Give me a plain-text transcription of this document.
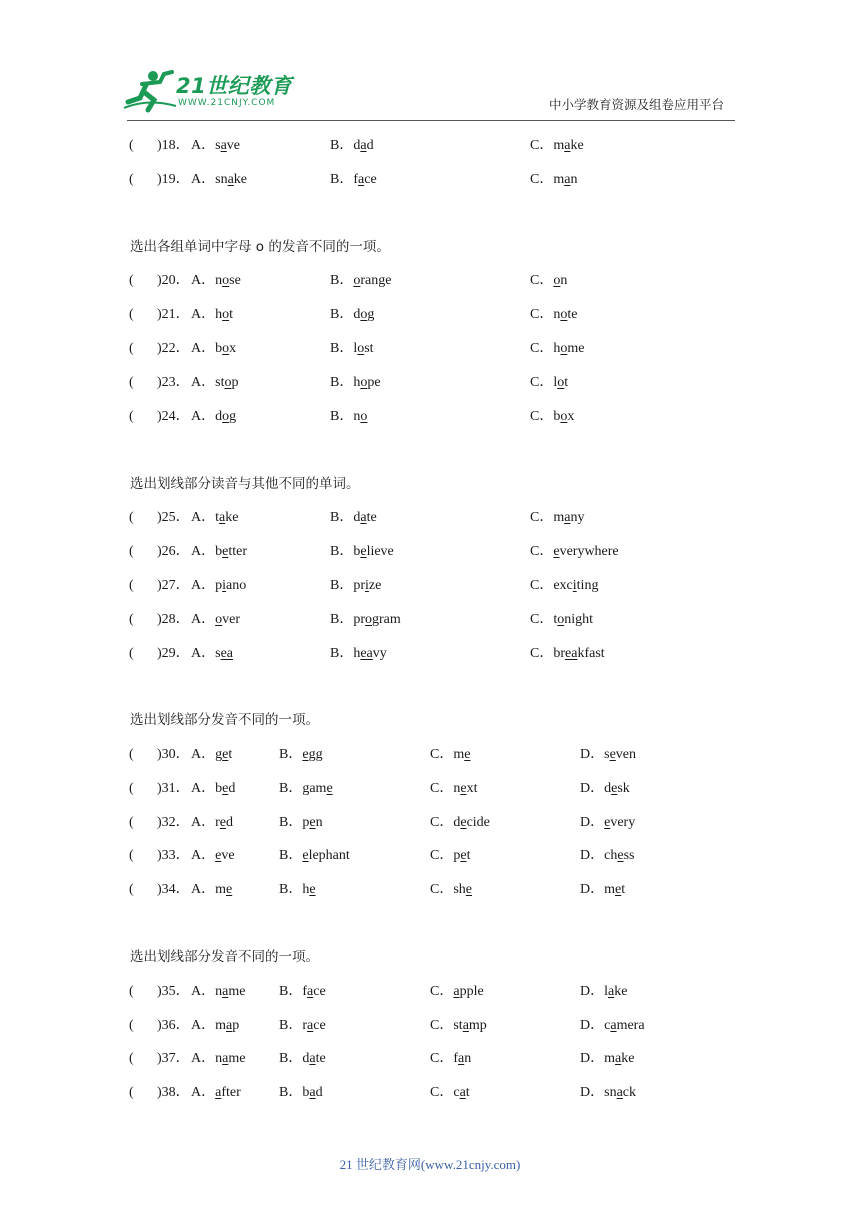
21世纪教育
WWW.21CNJY.COM	中小学教育资源及组卷应用平台
( )18． A．save	B．dad	C．make
( )19． A．snake	B．face	C．man
选出各组单词中字母 o 的发音不同的一项。
( )20． A．nose	B．orange	C．on
( )21． A．hot	B．dog	C．note
( )22． A．box	B．lost	C．home
( )23． A．stop	B．hope	C．lot
( )24． A．dog	B．no	C．box
选出划线部分读音与其他不同的单词。
( )25． A．take	B．date	C．many
( )26． A．better	B．believe	C．everywhere
( )27． A．piano	B．prize	C．exciting
( )28． A．over	B．program	C．tonight
( )29． A．sea	B．heavy	C．breakfast
选出划线部分发音不同的一项。
( )30． A．get	B．egg	C．me	D．seven
( )31． A．bed	B．game	C．next	D．desk
( )32． A．red	B．pen	C．decide	D．every
( )33． A．eve	B．elephant	C．pet	D．chess
( )34． A．me	B．he	C．she	D．met
选出划线部分发音不同的一项。
( )35． A．name B．face	C．apple	D．lake
( )36． A．map	B．race	C．stamp	D．camera
( )37． A．name B．date	C．fan	D．make
( )38． A．after	B．bad	C．cat	D．snack
21 世纪教育网(www.21cnjy.com)
